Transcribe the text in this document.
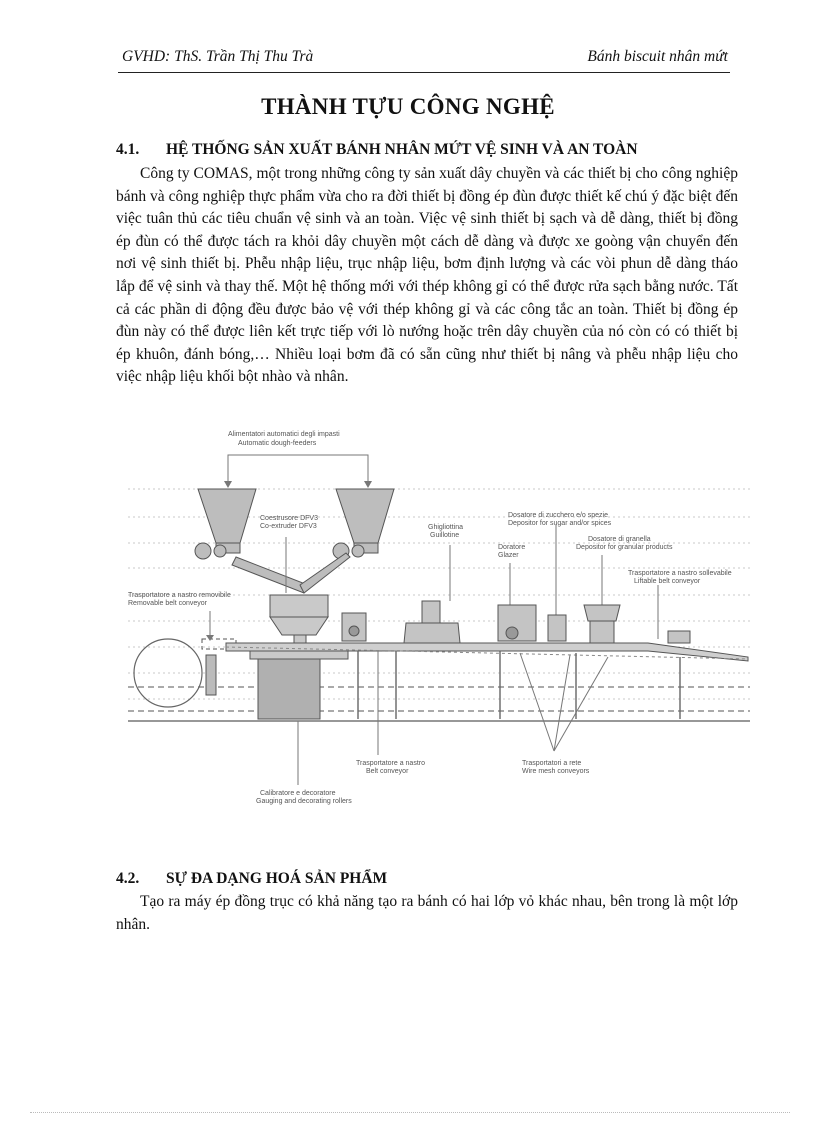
GVHD: ThS. Trần Thị Thu Trà	Bánh biscuit nhân mứt
THÀNH TỰU CÔNG NGHỆ
4.1. HỆ THỐNG SẢN XUẤT BÁNH NHÂN MỨT VỆ SINH VÀ AN TOÀN
Công ty COMAS, một trong những công ty sản xuất dây chuyền và các thiết bị cho công nghiệp bánh và công nghiệp thực phẩm vừa cho ra đời thiết bị đồng ép đùn được thiết kế chú ý đặc biệt đến việc tuân thủ các tiêu chuẩn vệ sinh và an toàn. Việc vệ sinh thiết bị sạch và dễ dàng, thiết bị đồng ép đùn có thể được tách ra khỏi dây chuyền một cách dễ dàng và được xe goòng vận chuyển đến nơi vệ sinh thiết bị. Phễu nhập liệu, trục nhập liệu, bơm định lượng và các vòi phun dễ dàng tháo lắp để vệ sinh và thay thế. Một hệ thống mới với thép không gỉ có thể được rửa sạch bằng nước. Tất cả các phần di động đều được bảo vệ với thép không gỉ và các công tắc an toàn. Thiết bị đồng ép đùn này có thể được liên kết trực tiếp với lò nướng hoặc trên dây chuyền của nó còn có có thiết bị ép khuôn, đánh bóng,… Nhiều loại bơm đã có sẵn cũng như thiết bị nâng và phễu nhập liệu cho việc nhập liệu khối bột nhào và nhân.
Alimentatori automatici degli impasti
Automatic dough-feeders
Coestrusore DFV3
Co-extruder DFV3	Ghigliottina
Guillotine
Dosatore di zucchero e/o spezie
Depositor for sugar and/or spices
Doratore
Glazer
Dosatore di granella
Depositor for granular products
Trasportatore a nastro removibile
Removable belt conveyor
Trasportatore a nastro sollevabile
Liftable belt conveyor
Trasportatore a nastro
Belt conveyor
Trasportatori a rete
Wire mesh conveyors
Calibratore e decoratore
Gauging and decorating rollers
4.2. SỰ ĐA DẠNG HOÁ SẢN PHẨM
Tạo ra máy ép đồng trục có khả năng tạo ra bánh có hai lớp vỏ khác nhau, bên trong là một lớp nhân.
